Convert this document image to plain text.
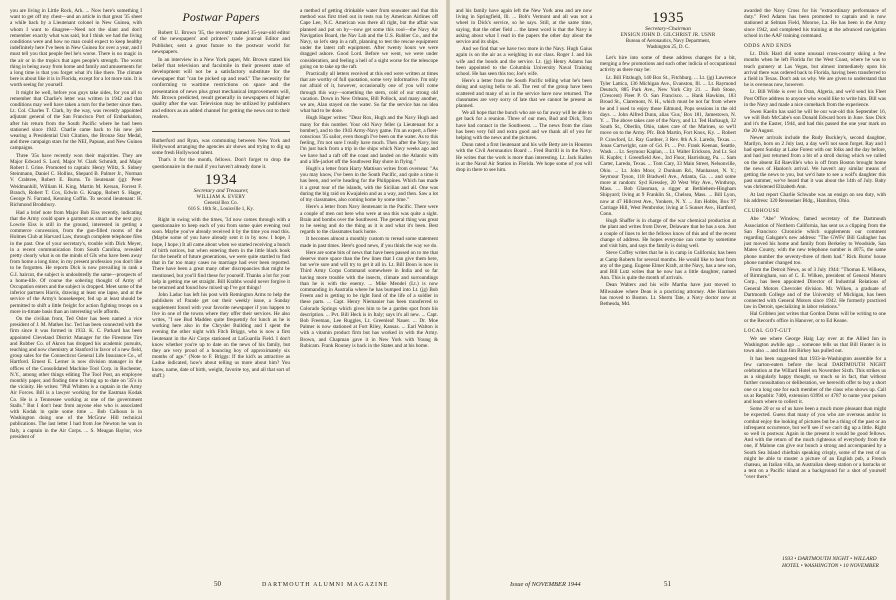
you are living in Little Rock, Ark. ... Now here's something I want to get off my chest—and an article in that great '35 sheet a while back by a Lieutenant colonel in New Guinea, with whom I want to disagree—Need not the slant and don't remember exactly what was said, but I think we had the living conditions were and how no man could expect to keep healthy indefinitely here I've been in New Guinea for over a year, and I must tell you that people feel he's worse. There is no magic in the air or in the tropics that ages people's strength. The worst thing in being away from home and family and amusements for a long time is that you forget what it's like there. The climate here is about like it is in Florida, except for a lot more rain. It is worth seeing for yourself.

It might be well, before you guys take sides, for you all to remember that Charlie's letter was written in 1942 and that conditions may well have taken a turn for the better since then. Lt. Col. Charles T. Clark, by the way, was recently appointed adjutant general of the San Francisco Port of Embarkation, after his return from the South Pacific where he had been stationed since 1942. Charlie came back to his new job wearing a Presidential Unit Citation, the Bronze Star Medal, and three campaign stars for the NEI, Papuan, and New Guinea campaigns.

Three '35s have recently won their majorities. They are Major Edward S. Lord, Major W. Clark Schmidt, and Major Robert I. Grine. Promoted to captain: Henry Wiltz, S. Sidney Steinmann, Daniel C. Hollins, Shepard B. Palmer Jr., Norman V. Crabtree, Robert E. Burns. To lieutenant (jg): Peter Weidmanhill, William H. King, Martin M. Kersan, Forrest F. Branch, Robert T. Cox, Edwin G. Knapp, Robert S. Hager, George N. Farrand, Kenning Coffin. To second lieutenant: H. Richmond Brodsbury.

Had a brief note from Major Bob Eiss recently, indicating that the Army could spare a garment as smart as the next guy. Lowrie Eiss is still in the ground, interested in getting a commerce concession, from the gun-filled rooms of the Holmes Club at Harvard Law, through complete telephone files in the past. One of your secretary's, trouble with Dick Meyer, in a recent communication from South Carolina, revealed pretty clearly what is on the minds of GIs who have been away from home a long time; in my present profession you don't like to be forgotten. He reports Dick is now prevailing in rank a G.I. haircut, the subject is undoubtedly the same—prospects of a home-life. Of course the sobering thought of Army of Occupation enters and the subject is dropped. Meet some of the inferior partners Harris, drawing at least one lapse, and at the service of the Army's housekeeper, fed up at least should be permitted to shift a little freight for action fighting troops on a more in-timate basis than an interesting wife affords.

On the civilian front, Ted Osler has been named a vice president of J. M. Mathes Inc. Ted has been connected with the firm since it was formed in 1933. K. C. Parkard has been appointed Cleveland District Manager for the Firestone Tire and Rubber Co. of Akron has dropped his academic pursuits, teaching and now chemistry at Stanford in favor of a new field, group sales for the Connecticut General Life Insurance Co., of Hartford. Ernest E. Lerner is now division manager in the offices of the Consolidated Machine Tool Corp. in Rochester, N.Y., among other things editing The Tool Post, an employee monthly paper, and finding time to bring up to date on '35's in the vicinity. He writes: "Phil Whitten is a captain in the Army Air Forces. Bill is a lawyer working for the Eastman Kodak Co. He is a Tennessee working at one of the government Stalls." But I don't hear from anyone else who is associated with Kodak in quite some time ... Bob Calhoun is in Washington doing one of the McGraw Hill technical publications. The last letter I had from Joe Newton he was in Italy, a captain in the Air Corps. ... S. Meagan Baylor, vice president of

Postwar Papers

Robert U. Brown '35, the recently named 35-year-old editor of the newspapers' and printers' trade journal Editor and Publisher, sent a great future to the postwar world for newspapers.

In an interview in a New York paper, Mr. Brown stated his belief that television and facsimile in their present state of development will not be a satisfactory substitute for the newspaper that "can be picked up and read." The necessity for conforming to wartime restrictions on space and the presentation of news plus great mechanical improvements will, Mr. Brown predicted, result generally in newspapers of higher quality after the war. Television may be utilized by publishers and editors as an added channel for getting the news out to their readers.

Rutherfurd and Ryan, was commuting between New York and Hollywood arranging the agencies air shows and trying to dig up some fresh Hollywood talent.

That's it for the month, fellows. Don't forget to drop the questionnaire in the mail if you haven't already done it.

1934
Secretary and Treasurer,
WILLIAM A. EVERY
General Box Co.
616 S. 16th St., Louisville 1, Ky.

Right in swing with the times, '34 now comes through with a questionnaire to keep each of you from some quiet evening real soon. Maybe you've already received it by the time you read this. (Maybe some of you have already sent it in by now. I hope, I hope, I hope.) It all came about when we started receiving a bunch of birth notices, but when entering them in the little black book for the benefit of future generations, we were quite startled to find that in far too many cases no marriage had ever been reported. There have been a great many other discrepancies that might be mentioned, but you'll find these for yourself. Thanks a lot for your help in getting me set straight. Bill Krabbs would never forgive it be returned and found how mixed up I've got things!

John Laduc has left his post with Remington Arms to help the publishers of Parade get out their weekly issue, a Sunday supplement found with your favorite newspaper if you happen to live in one of the towns where they offer their services. He also writes, "I see Bud Madden quite frequently for lunch as he is working here also in the Chrysler Building and I spent the evening the other night with Fitch Briggs, who is now a first lieutenant in the Air Corps stationed at LaGuardia Field. I don't know whether you're up to date on the news of his family, but they are very proud of a bouncing boy of approximately six months of age." (Note to F. Briggs: If the kid's as attractive as Ladue indicated, how's about telling us more about him? You know, name, date of birth, weight, favorite toy, and all that sort of stuff.)

a method of getting drinkable water from seawater and that this method was first tried out in tests run by American Airlines off Cape Lee, N.C. American was there all right, but the affair was planned and put on by—now get some this cool—the Navy Air Navigation Board, the Nav Lab and the U.S. Rubber Co., and the Navy, so let's step in a raft, planning to test the rescue equipment under the latest raft equipment. After twenty hours we were dragged ashore. Good Lord. Before we went, we were under consideration, and feeling a hell of a sight worse for the telescope going on to take up the raft.

Practically all letters received at this end were written at times that are worthy of full quotation, some very informative. I'm only not afraid of it, however, occasionally one of you will come through this way—something the stern, cold of our strong old vacation. Down in New Orleans, Bill Pollock, and many another, we are, Alan stayed on the water. So far the service has no idea what had to be done.

Hugh Hager writes: "Dear Rox, Hugh and the Navy Hugh and many for this number. Your old Navy feller (a Lieutenant for a bomber), and to the 1943 Army-Navy game. I'm an expert, a fleet-conscious '35 sailor, even though I've been on the water. As to this feeling, I'm not sure I really have much. Then after the Navy, but I'm just back from a trip in the ships which Navy weeks ago and we have had a raft off the coast and landed on the Atlantic with and a life-jacket off the Southwest Bay shore in flying."

Hugh's a letter from Harry Mattison writes from overseas: "As you may know, I've been in the South Pacific, and quite a time it has been, and we're heading for the Philippines. Which has made it a great tour of the islands, with the Sicilian and all. One was during the big raid on Kwajalein and as a way, and then. Saw a lot of my classmates, also coming home by some time."

Here's a letter from Navy lieutenant in the Pacific. There were a couple of men out here who were at sea this was quite a sight. Brain and bombs over the Southwest. The general thing was great to be seeing and do the thing as it is and what it's been. Best regards to the classmates back home.

It becomes almost a monthly custom to reread some statement made in past times. Here's good news, if you think the way we do.

Here are some bits of news that have been passed on to me that deserve more space than the few lines that I can give them here, but we're sure and will try to get it all in. Lt. Bill Boon is now in Third Army Corps Command somewhere in India and so far having more trouble with the insects, climate and surroundings than he is with the enemy. ... Mike Mendel (Lt.) is now commanding in Australia where he has bumped into Lt. (jg) Bob Freem and is getting to be right fond of the life of a soldier in these parts. ... Capt. Henry Niemanier has been transferred to Colorado Springs which gives him to be a garden spot from his description. ... Pvt. Bill Heck is in Italy; says it's all new. ... Capt. Bob Freeman, Lee Ruggles, Lt. Greenleaf Nauer. ... Dr. Moe Palmer is now stationed at Fort Riley, Kansas. ... Earl Walton is with a vitamin product firm but has worked in with the Army. Brown, and Chapman gave it in New York with Young & Rubicam. Frank Rooney is back in the States and at his home.

50	DARTMOUTH ALUMNI MAGAZINE

and his family have again left the New York area and are now living in Springfield, Ill. ... Bob's Vermont and all was not a wheel in Dick's service, so he says. Still, at the same time, saying, that the other field ... the latest word is that the Navy is asking about what I read in the papers the other day about the service and its ships.

And we find that we have two more in the Navy. Hugh Gaius again is on the air as a weighing in our class. Roger J. and his wife and the bonds and the service. Lt. (jg) Henry Adams has been appointed to the Columbia University Naval Training school. He has seen this too; Joe's wife.

Here's a letter from the South Pacific telling what he's been doing and saying hello to all. The rest of the group have been scattered and many of us in the service have now returned. The classmates are very sorry of late that we cannot be present as planned.

We all hope that the bunch who are so far away will be able to get back for a reunion. Three of our men, Bud and Dick, Tom have had contact in the Southwest. ... The news from the class has been very full and extra good and we thank all of you for helping with the news and the pictures.

Dunn rated a first lieutenant and his wife Betty are in Houston with the Civil Aeronautics Board ... Fred Burrill is in the Navy. He writes that the work is more than interesting. Lt. Jack Kallen is at the Naval Air Station in Florida. We hope some of you will drop in there to see him.

1935
Secretary-Chairman
ENSIGN JOHN D. GILCHRIST JR. USNR
Bureau of Aeronautics, Navy Department,
Washington 25, D. C.

Let's hire into some of these address changes for a bit, merging a few promotions and such other indicia of occupational activity as there may be:

Lt. Bill Fitzhugh, 140 Box St., Fitchburg. ... Lt. (jg) Lawrence Tyler Lattica, 136 Michigan Ave., Evanston, Ill. ... Lt. Raymond Deutsch, 885 Park Ave., New York City 21. ... Bob Stone, (Crescent) Fleet P. O. San Francisco. ... Hank Hawkins, 183 Broad St., Claremont, N. H., which must be not far from where he and I used to enjoy those Edmund, Pops sessions in the old days. ... John Alfred Dunn, alias 'Gus,' Box 181, Jamestown, N. Y. ... The above takes care of the Navy, and Lt. Ted Harbaugh, 32 South St., Oberlin, Ohio, takes care of the Marines, so we'll move on to the Army. Pfc. Bob Martin, Fort Knox, Ky. ... Robert P. Crawford, Lt. Ray Gardner, 3 Rev. 8th A.S. Laredo, Texas. ... Jonas Cartwright, care of Gd. Ft. ... Pvt. Frank Keenan, Seattle, Wash. ... Lt. Seymour Kaplan, ... Lt. Walter Erickson, 2nd Lt. Sol H. Kupfer, 1 Greenfield Ave., 3rd Floor, Harrisburg, Pa. ... Sam Carter, Laredo, Texas. ... Tom Cary, 33 Main Street, Nelsonville, Ohio. ... Lt. John Moor, 2 Dunham Rd., Manhasset, N. Y.; Seymour Tyson, 118 Bradwell Ave., Atlanta, Ga. ... and some more at random: Syd Kressley, 20 West Way Ave., Winthrop, Mass. ... Bob Glassman, a rigger at Bethlehem-Hingham Shipyard; living at 9 Franklin St., Chelsea, Mass. ... Bill Lyon, now at 47 Hillcrest Ave., Yonkers, N. Y. ... Jim Hobbs, Box 97 Carriage Hill, West Pembroke; living at 5 Sunset Ave., Hartford, Conn.

Hugh Shaffer is in charge of the war chemical production at the plant and writes from Dover, Delaware that he has a son. Just a couple of lines to let the fellows know of this and of the recent change of address. He hopes everyone can come by sometime and visit him, and says the family is doing well.

Steve Coffey writes that he is in camp in California; has been at Camp Roberts for several months. He would like to hear from any of the gang. Eugene Elmer Kraft, at the Navy, has a new son, and Bill Lutz writes that he now has a little daughter, named Ann. This is quite the month of arrivals.

Dean Walters and his wife Martha have just moved to Milwaukee where Dean is a practicing attorney. Abe Harrison has moved to Boston. Lt. Sherm Tate, a Navy doctor now at Bethesda, Md.

awarded the Navy Cross for his "extraordinary performance of duty." Fred Adams has been promoted to captain and is now stationed at Selman Field, Monroe, La. He has been in the Army since 1942, and completed his training at the advanced navigation school in the AAF training command.

ODDS AND ENDS

Lt. Dick Hard did some unusual cross-country skiing a few months when he left Florida for the West Coast, where he was to teach gunnery at Las Vegas, but almost immediately upon his arrival there was ordered back to Florida, having been transferred to a field in Texas. Don't ask us why. We are given to understand that he is overseas now, however.

Lt. Bill Wilde is over in Oran, Algeria, and we'd send his Fleet Post Office address to anyone who would like to write him. Bill was in the Navy and made a nice comeback from the experience.

Swen Kaelin has said he will be our wat-old this September 16, we will Bob McCabe's son Donald Edward born in June. Saw Dick and it's the Easter, 1944, and had this passed the one year mark on the 20 August.

Newer arrivals include the Rudy Buckley's, second daughter, Marilyn, born on 2 July last, a day we'll not soon forget. Ray and I had spent Sunday at Lake Forest with our folks and the day before, and had just returned from a bit of a stroll during which we called on the absent Ed Raeville's who is off from Boston brought home the news of Hanlon's arrival. We haven't any similar means of getting the news to you, but we'd hate to see a wolf's daughter this past summer, we've heard that it was about the 14th of July. Baby was christened Elizabeth Ann.

At last report Charlie Schwabe was an ensign on sea duty, with his address: 320 Rensselaer Bldg., Hamilton, Ohio.

CLUBHOUSE

Abe "Abe" Winslow, famed secretary of the Dartmouth Association of Northern California, has sent us a clipping from the San Francisco Chronicle which supplements our comment regarding Galsgate's new address: "The GWFs' Bill Gallagher has just moved his home and family from Berkeley to Woodside, San Mateo County, with the new telephone number is 4075, the same phone number the seventy-three of them had." Rick Burns' house phone number changed too.

From the Detroit News, as of 3 July 1944: "Thomas E. Wilkens, of Birmingham, son of C. E. Wilken, president of General Motors Corp., has been appointed Director of Industrial Relations of General Motors Chevrolet division. Mr. Wilken, a graduate of Dartmouth College and of the University of Michigan, has been connected with General Motors since 1942. He formerly practiced law in Detroit, specializing in labor relations."

Hal Gribben just writes that Gordon Doms will be writing to one or the Record's office in Hanover, or to Ed Keane.

LOCAL GOT-GUT

We see where George Haig Lay over at the Allied Inn in Washington awhile ago ... someone tells us that Bill Hunter is in town also ... and that Jim Birkey has pulled out.

It has been suggested that 1933-in-Washington assemble for a few carton-eaters before the local DARTMOUTH NIGHT celebration at the Willard Hotel on November Sixth. This strikes us as a singularly happy thought, so much so in fact, that without further consultation or deliberation, we herewith offer to buy a short one or a long one for each member of the class who shows up. Call us at Republic 7400, extension 63994 or 4787 to name your poison and learn where to collect it.

Some 20 or so of us have been a much more pleasant than might be expected. Guess that many of you who are overseas and/or in combat enjoy the looking of pictures but be a thing of the past or an infrequent occurrence, but we'll see if we can't dig up a little. Right so well in postwar. Again in the present it would be good fellows. And with the return of the much righteous of everybody from the one, if Malone can give our bunch a strong and accompanied by a South Sea Island chieftain speaking crisply, some of the rest of us might be able to muster a picture of an English pub, a French chateau, an Italian villa, an Australian sheep station or a barracks or a tent on a Pacific island as a background for a shot of yourself "over there."

1933 • DARTMOUTH NIGHT • WILLARD HOTEL • WASHINGTON • 10 NOVEMBER
Issue of NOVEMBER 1944	51
